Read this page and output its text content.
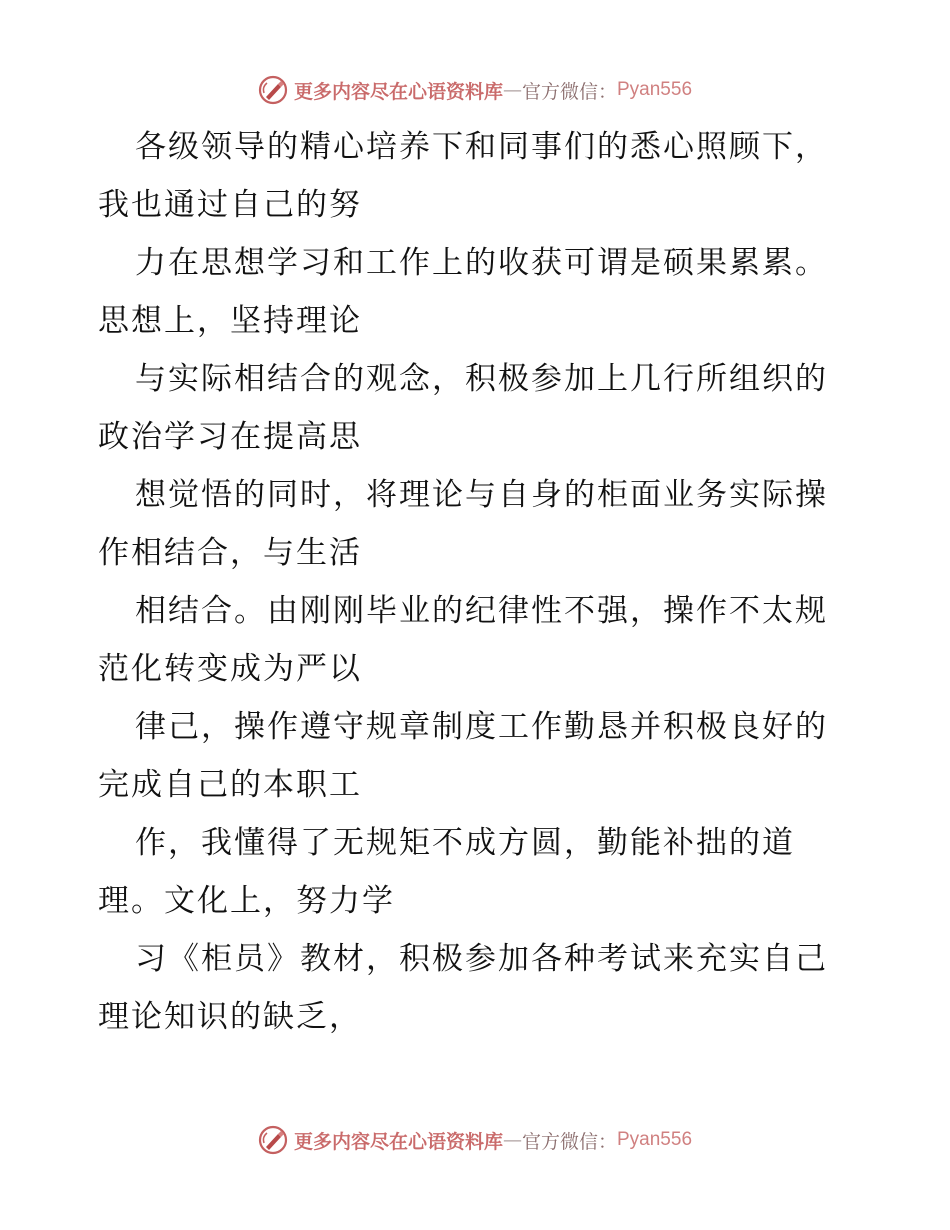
更多内容尽在心语资料库 — 官方微信： Pyan556
各级领导的精心培养下和同事们的悉心照顾下，
我也通过自己的努
力在思想学习和工作上的收获可谓是硕果累累。
思想上，坚持理论
与实际相结合的观念，积极参加上几行所组织的
政治学习在提高思
想觉悟的同时，将理论与自身的柜面业务实际操
作相结合，与生活
相结合。由刚刚毕业的纪律性不强，操作不太规
范化转变成为严以
律己，操作遵守规章制度工作勤恳并积极良好的
完成自己的本职工
作，我懂得了无规矩不成方圆，勤能补拙的道
理。文化上，努力学
习《柜员》教材，积极参加各种考试来充实自己
理论知识的缺乏，
更多内容尽在心语资料库 — 官方微信： Pyan556
